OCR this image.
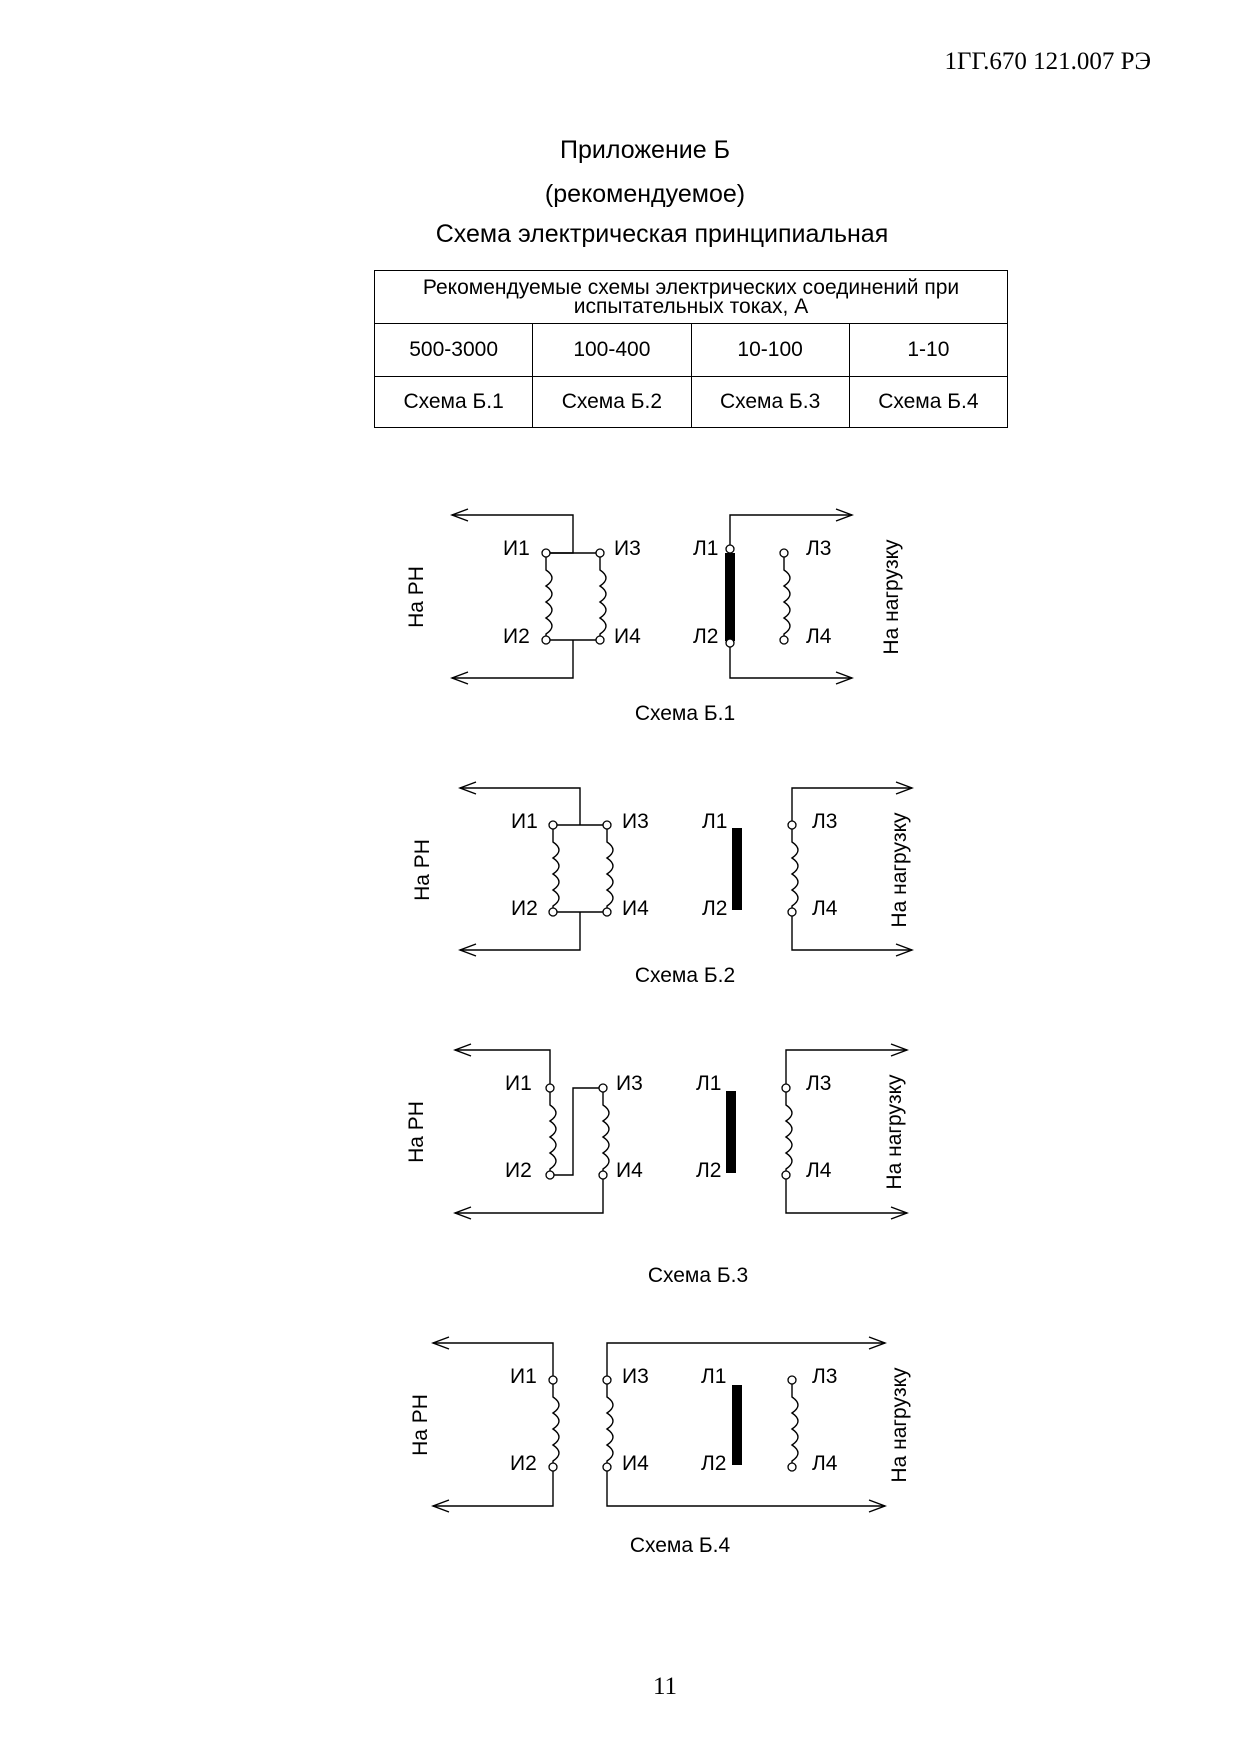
1ГГ.670 121.007 РЭ
Приложение Б
(рекомендуемое)
Схема электрическая принципиальная
Рекомендуемые схемы электрических соединений при испытательных токах, А			
500-3000	100-400	10-100	1-10
Схема Б.1	Схема Б.2	Схема Б.3	Схема Б.4
И1	И3
И2	И4
Л1
Л2
Л3
Л4
На РН	На нагрузку
Схема Б.1
И1	И3
И2	И4
Л1
Л2
Л3
Л4
На РН	На нагрузку
Схема Б.2
И1	И3
И2	И4
Л1
Л2
Л3
Л4
На РН	На нагрузку
Схема Б.3
И1	И3
И2	И4
Л1
Л2
Л3
Л4
На РН	На нагрузку
Схема Б.4
11
